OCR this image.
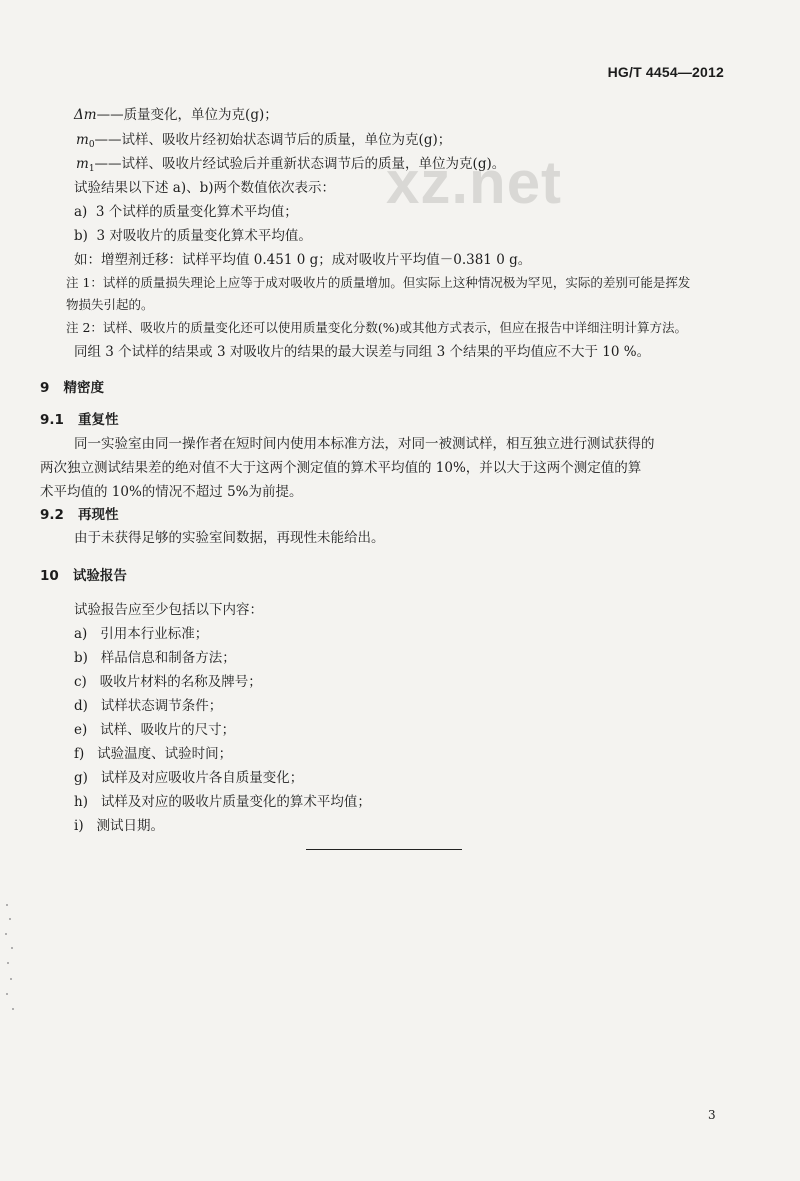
HG/T 4454—2012
xz.net
Δm——质量变化，单位为克(g)；
$m_0——$试样、吸收片经初始状态调节后的质量，单位为克(g)；
$m_1——$试样、吸收片经试验后并重新状态调节后的质量，单位为克(g)。
试验结果以下述 a)、b)两个数值依次表示：
a) 3 个试样的质量变化算术平均值；
b) 3 对吸收片的质量变化算术平均值。
如：增塑剂迁移：试样平均值 0.451 0 g；成对吸收片平均值－0.381 0 g。
注 1：试样的质量损失理论上应等于成对吸收片的质量增加。但实际上这种情况极为罕见，实际的差别可能是挥发
物损失引起的。
注 2：试样、吸收片的质量变化还可以使用质量变化分数(%)或其他方式表示，但应在报告中详细注明计算方法。
同组 3 个试样的结果或 3 对吸收片的结果的最大误差与同组 3 个结果的平均值应不大于 10 %。
9 精密度
9.1 重复性
同一实验室由同一操作者在短时间内使用本标准方法，对同一被测试样，相互独立进行测试获得的
两次独立测试结果差的绝对值不大于这两个测定值的算术平均值的 10%，并以大于这两个测定值的算
术平均值的 10%的情况不超过 5%为前提。
9.2 再现性
由于未获得足够的实验室间数据，再现性未能给出。
10 试验报告
试验报告应至少包括以下内容：
a) 引用本行业标准；
b) 样品信息和制备方法；
c) 吸收片材料的名称及牌号；
d) 试样状态调节条件；
e) 试样、吸收片的尺寸；
f) 试验温度、试验时间；
g) 试样及对应吸收片各自质量变化；
h) 试样及对应的吸收片质量变化的算术平均值；
i) 测试日期。
3
